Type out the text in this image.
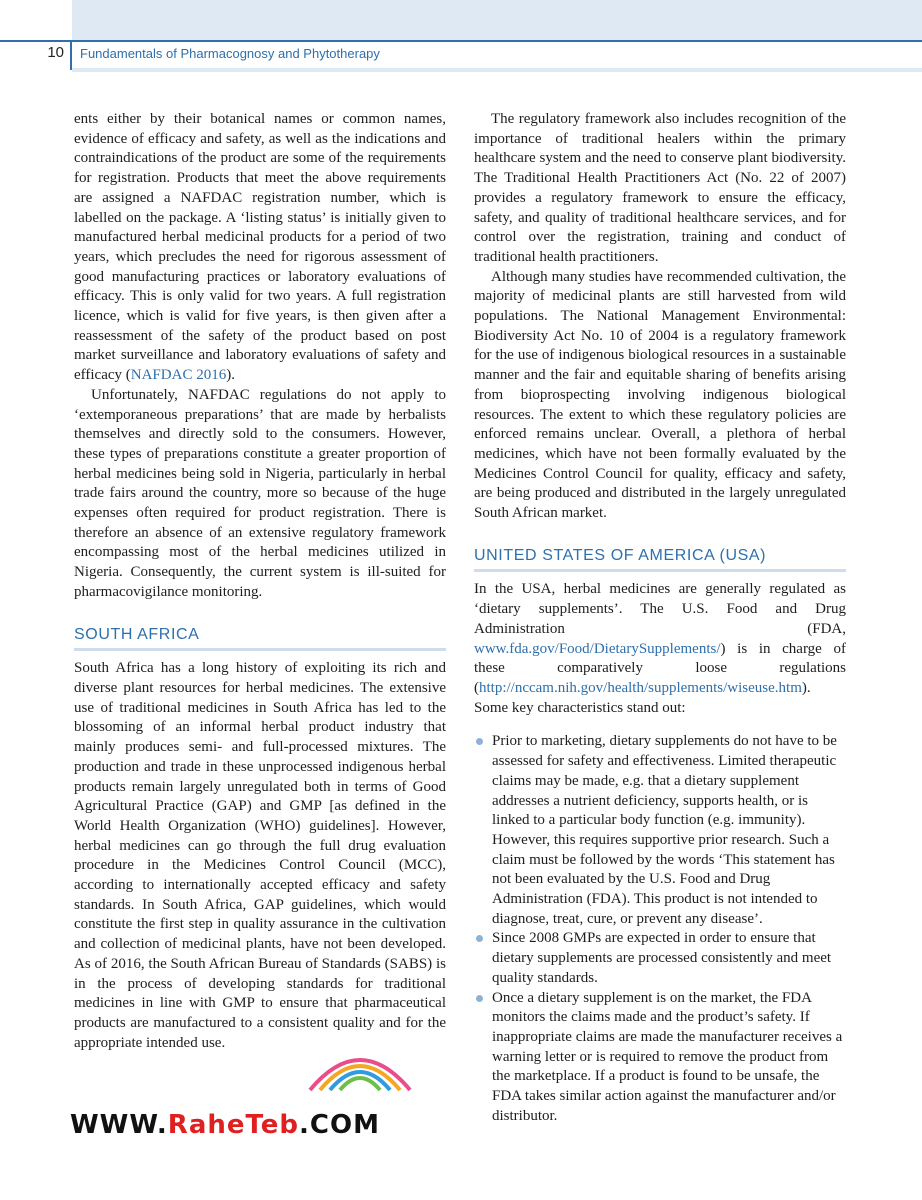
10 Fundamentals of Pharmacognosy and Phytotherapy

ents either by their botanical names or common names, evidence of efficacy and safety, as well as the indications and contraindications of the product are some of the requirements for registration. Products that meet the above requirements are assigned a NAFDAC registration number, which is labelled on the package. A ‘listing status’ is initially given to manufactured herbal medicinal products for a period of two years, which precludes the need for rigorous assessment of good manufacturing practices or laboratory evaluations of efficacy. This is only valid for two years. A full registration licence, which is valid for five years, is then given after a reassessment of the safety of the product based on post market surveillance and laboratory evaluations of safety and efficacy (NAFDAC 2016).

Unfortunately, NAFDAC regulations do not apply to ‘extemporaneous preparations’ that are made by herbalists themselves and directly sold to the consumers. However, these types of preparations constitute a greater proportion of herbal medicines being sold in Nigeria, particularly in herbal trade fairs around the country, more so because of the huge expenses often required for product registration. There is therefore an absence of an extensive regulatory framework encompassing most of the herbal medicines utilized in Nigeria. Consequently, the current system is ill-suited for pharmacovigilance monitoring.

SOUTH AFRICA

South Africa has a long history of exploiting its rich and diverse plant resources for herbal medicines. The extensive use of traditional medicines in South Africa has led to the blossoming of an informal herbal product industry that mainly produces semi- and full-processed mixtures. The production and trade in these unprocessed indigenous herbal products remain largely unregulated both in terms of Good Agricultural Practice (GAP) and GMP [as defined in the World Health Organization (WHO) guidelines]. However, herbal medicines can go through the full drug evaluation procedure in the Medicines Control Council (MCC), according to internationally accepted efficacy and safety standards. In South Africa, GAP guidelines, which would constitute the first step in quality assurance in the cultivation and collection of medicinal plants, have not been developed. As of 2016, the South African Bureau of Standards (SABS) is in the process of developing standards for traditional medicines in line with GMP to ensure that pharmaceutical products are manufactured to a consistent quality and for the appropriate intended use.

The regulatory framework also includes recognition of the importance of traditional healers within the primary healthcare system and the need to conserve plant biodiversity. The Traditional Health Practitioners Act (No. 22 of 2007) provides a regulatory framework to ensure the efficacy, safety, and quality of traditional healthcare services, and for control over the registration, training and conduct of traditional health practitioners.

Although many studies have recommended cultivation, the majority of medicinal plants are still harvested from wild populations. The National Management Environmental: Biodiversity Act No. 10 of 2004 is a regulatory framework for the use of indigenous biological resources in a sustainable manner and the fair and equitable sharing of benefits arising from bioprospecting involving indigenous biological resources. The extent to which these regulatory policies are enforced remains unclear. Overall, a plethora of herbal medicines, which have not been formally evaluated by the Medicines Control Council for quality, efficacy and safety, are being produced and distributed in the largely unregulated South African market.

UNITED STATES OF AMERICA (USA)

In the USA, herbal medicines are generally regulated as ‘dietary supplements’. The U.S. Food and Drug Administration (FDA, www.fda.gov/Food/DietarySupplements/) is in charge of these comparatively loose regulations (http://nccam.nih.gov/health/supplements/wiseuse.htm). Some key characteristics stand out:

Prior to marketing, dietary supplements do not have to be assessed for safety and effectiveness. Limited therapeutic claims may be made, e.g. that a dietary supplement addresses a nutrient deficiency, supports health, or is linked to a particular body function (e.g. immunity). However, this requires supportive prior research. Such a claim must be followed by the words ‘This statement has not been evaluated by the U.S. Food and Drug Administration (FDA). This product is not intended to diagnose, treat, cure, or prevent any disease’.
Since 2008 GMPs are expected in order to ensure that dietary supplements are processed consistently and meet quality standards.
Once a dietary supplement is on the market, the FDA monitors the claims made and the product’s safety. If inappropriate claims are made the manufacturer receives a warning letter or is required to remove the product from the marketplace. If a product is found to be unsafe, the FDA takes similar action against the manufacturer and/or distributor.
WWW.RaheTeb.COM
